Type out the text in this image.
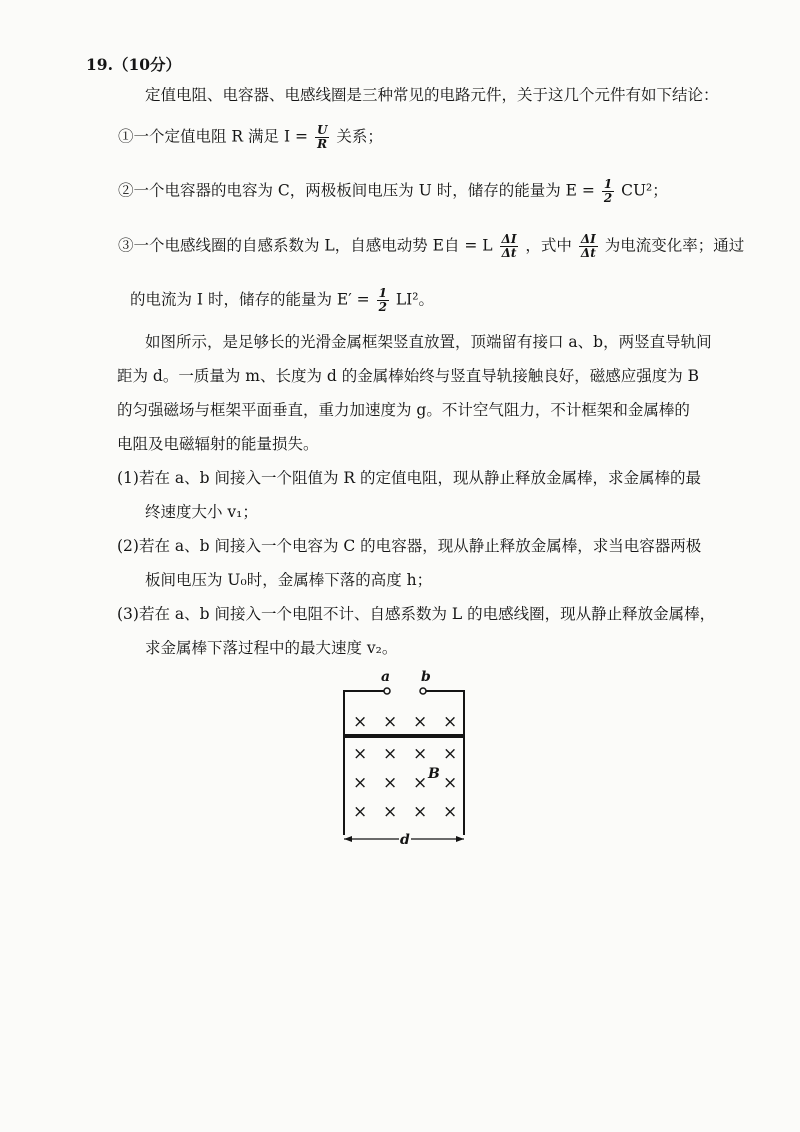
19.（10分）
定值电阻、电容器、电感线圈是三种常见的电路元件，关于这几个元件有如下结论：
①一个定值电阻 R 满足 $I = \frac{U}{R}$ 关系；
②一个电容器的电容为 C，两极板间电压为 U 时，储存的能量为 $E = \frac{1}{2} CU^2$；
③一个电感线圈的自感系数为 L，自感电动势 E自 = L $\frac{\Delta I}{\Delta t}$ ，式中 $\frac{\Delta I}{\Delta t}$ 为电流变化率；通过
的电流为 I 时，储存的能量为 $E' = \frac{1}{2} LI^2$。
如图所示，是足够长的光滑金属框架竖直放置，顶端留有接口 a、b，两竖直导轨间
距为 d。一质量为 m、长度为 d 的金属棒始终与竖直导轨接触良好，磁感应强度为 B
的匀强磁场与框架平面垂直，重力加速度为 g。不计空气阻力，不计框架和金属棒的
电阻及电磁辐射的能量损失。
(1)若在 a、b 间接入一个阻值为 R 的定值电阻，现从静止释放金属棒，求金属棒的最
终速度大小 v₁；
(2)若在 a、b 间接入一个电容为 C 的电容器，现从静止释放金属棒，求当电容器两极
板间电压为 U₀时，金属棒下落的高度 h；
(3)若在 a、b 间接入一个电阻不计、自感系数为 L 的电感线圈，现从静止释放金属棒，
求金属棒下落过程中的最大速度 v₂。
a b
× × × ×
× × × ×
× × × ×
× × × ×
B
d
